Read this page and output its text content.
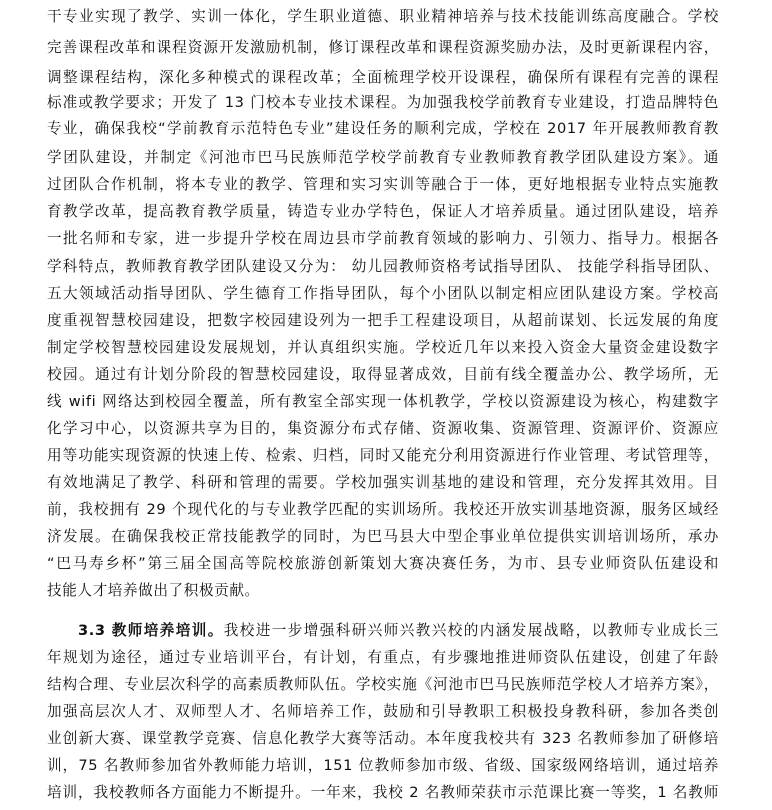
干专业实现了教学、实训一体化，学生职业道德、职业精神培养与技术技能训练高度融合。学校
完善课程改革和课程资源开发激励机制，修订课程改革和课程资源奖励办法，及时更新课程内容，
调整课程结构，深化多种模式的课程改革；全面梳理学校开设课程，确保所有课程有完善的课程
标准或教学要求；开发了 13 门校本专业技术课程。为加强我校学前教育专业建设，打造品牌特色
专业，确保我校“学前教育示范特色专业”建设任务的顺利完成，学校在 2017 年开展教师教育教
学团队建设，并制定《河池市巴马民族师范学校学前教育专业教师教育教学团队建设方案》。通
过团队合作机制，将本专业的教学、管理和实习实训等融合于一体，更好地根据专业特点实施教
育教学改革，提高教育教学质量，铸造专业办学特色，保证人才培养质量。通过团队建设，培养
一批名师和专家，进一步提升学校在周边县市学前教育领域的影响力、引领力、指导力。根据各
学科特点，教师教育教学团队建设又分为： 幼儿园教师资格考试指导团队、 技能学科指导团队、
五大领域活动指导团队、学生德育工作指导团队，每个小团队以制定相应团队建设方案。学校高
度重视智慧校园建设，把数字校园建设列为一把手工程建设项目，从超前谋划、长远发展的角度
制定学校智慧校园建设发展规划，并认真组织实施。学校近几年以来投入资金大量资金建设数字
校园。通过有计划分阶段的智慧校园建设，取得显著成效，目前有线全覆盖办公、教学场所，无
线 wifi 网络达到校园全覆盖，所有教室全部实现一体机教学，学校以资源建设为核心，构建数字
化学习中心，以资源共享为目的，集资源分布式存储、资源收集、资源管理、资源评价、资源应
用等功能实现资源的快速上传、检索、归档，同时又能充分利用资源进行作业管理、考试管理等，
有效地满足了教学、科研和管理的需要。学校加强实训基地的建设和管理，充分发挥其效用。目
前，我校拥有 29 个现代化的与专业教学匹配的实训场所。我校还开放实训基地资源，服务区域经
济发展。在确保我校正常技能教学的同时，为巴马县大中型企事业单位提供实训培训场所，承办
“巴马寿乡杯”第三届全国高等院校旅游创新策划大赛决赛任务，为市、县专业师资队伍建设和
技能人才培养做出了积极贡献。
3.3 教师培养培训。我校进一步增强科研兴师兴教兴校的内涵发展战略，以教师专业成长三
年规划为途径，通过专业培训平台，有计划，有重点，有步骤地推进师资队伍建设，创建了年龄
结构合理、专业层次科学的高素质教师队伍。学校实施《河池市巴马民族师范学校人才培养方案》，
加强高层次人才、双师型人才、名师培养工作，鼓励和引导教职工积极投身教科研，参加各类创
业创新大赛、课堂教学竞赛、信息化教学大赛等活动。本年度我校共有 323 名教师参加了研修培
训，75 名教师参加省外教师能力培训，151 位教师参加市级、省级、国家级网络培训，通过培养
培训，我校教师各方面能力不断提升。一年来，我校 2 名教师荣获市示范课比赛一等奖，1 名教师
